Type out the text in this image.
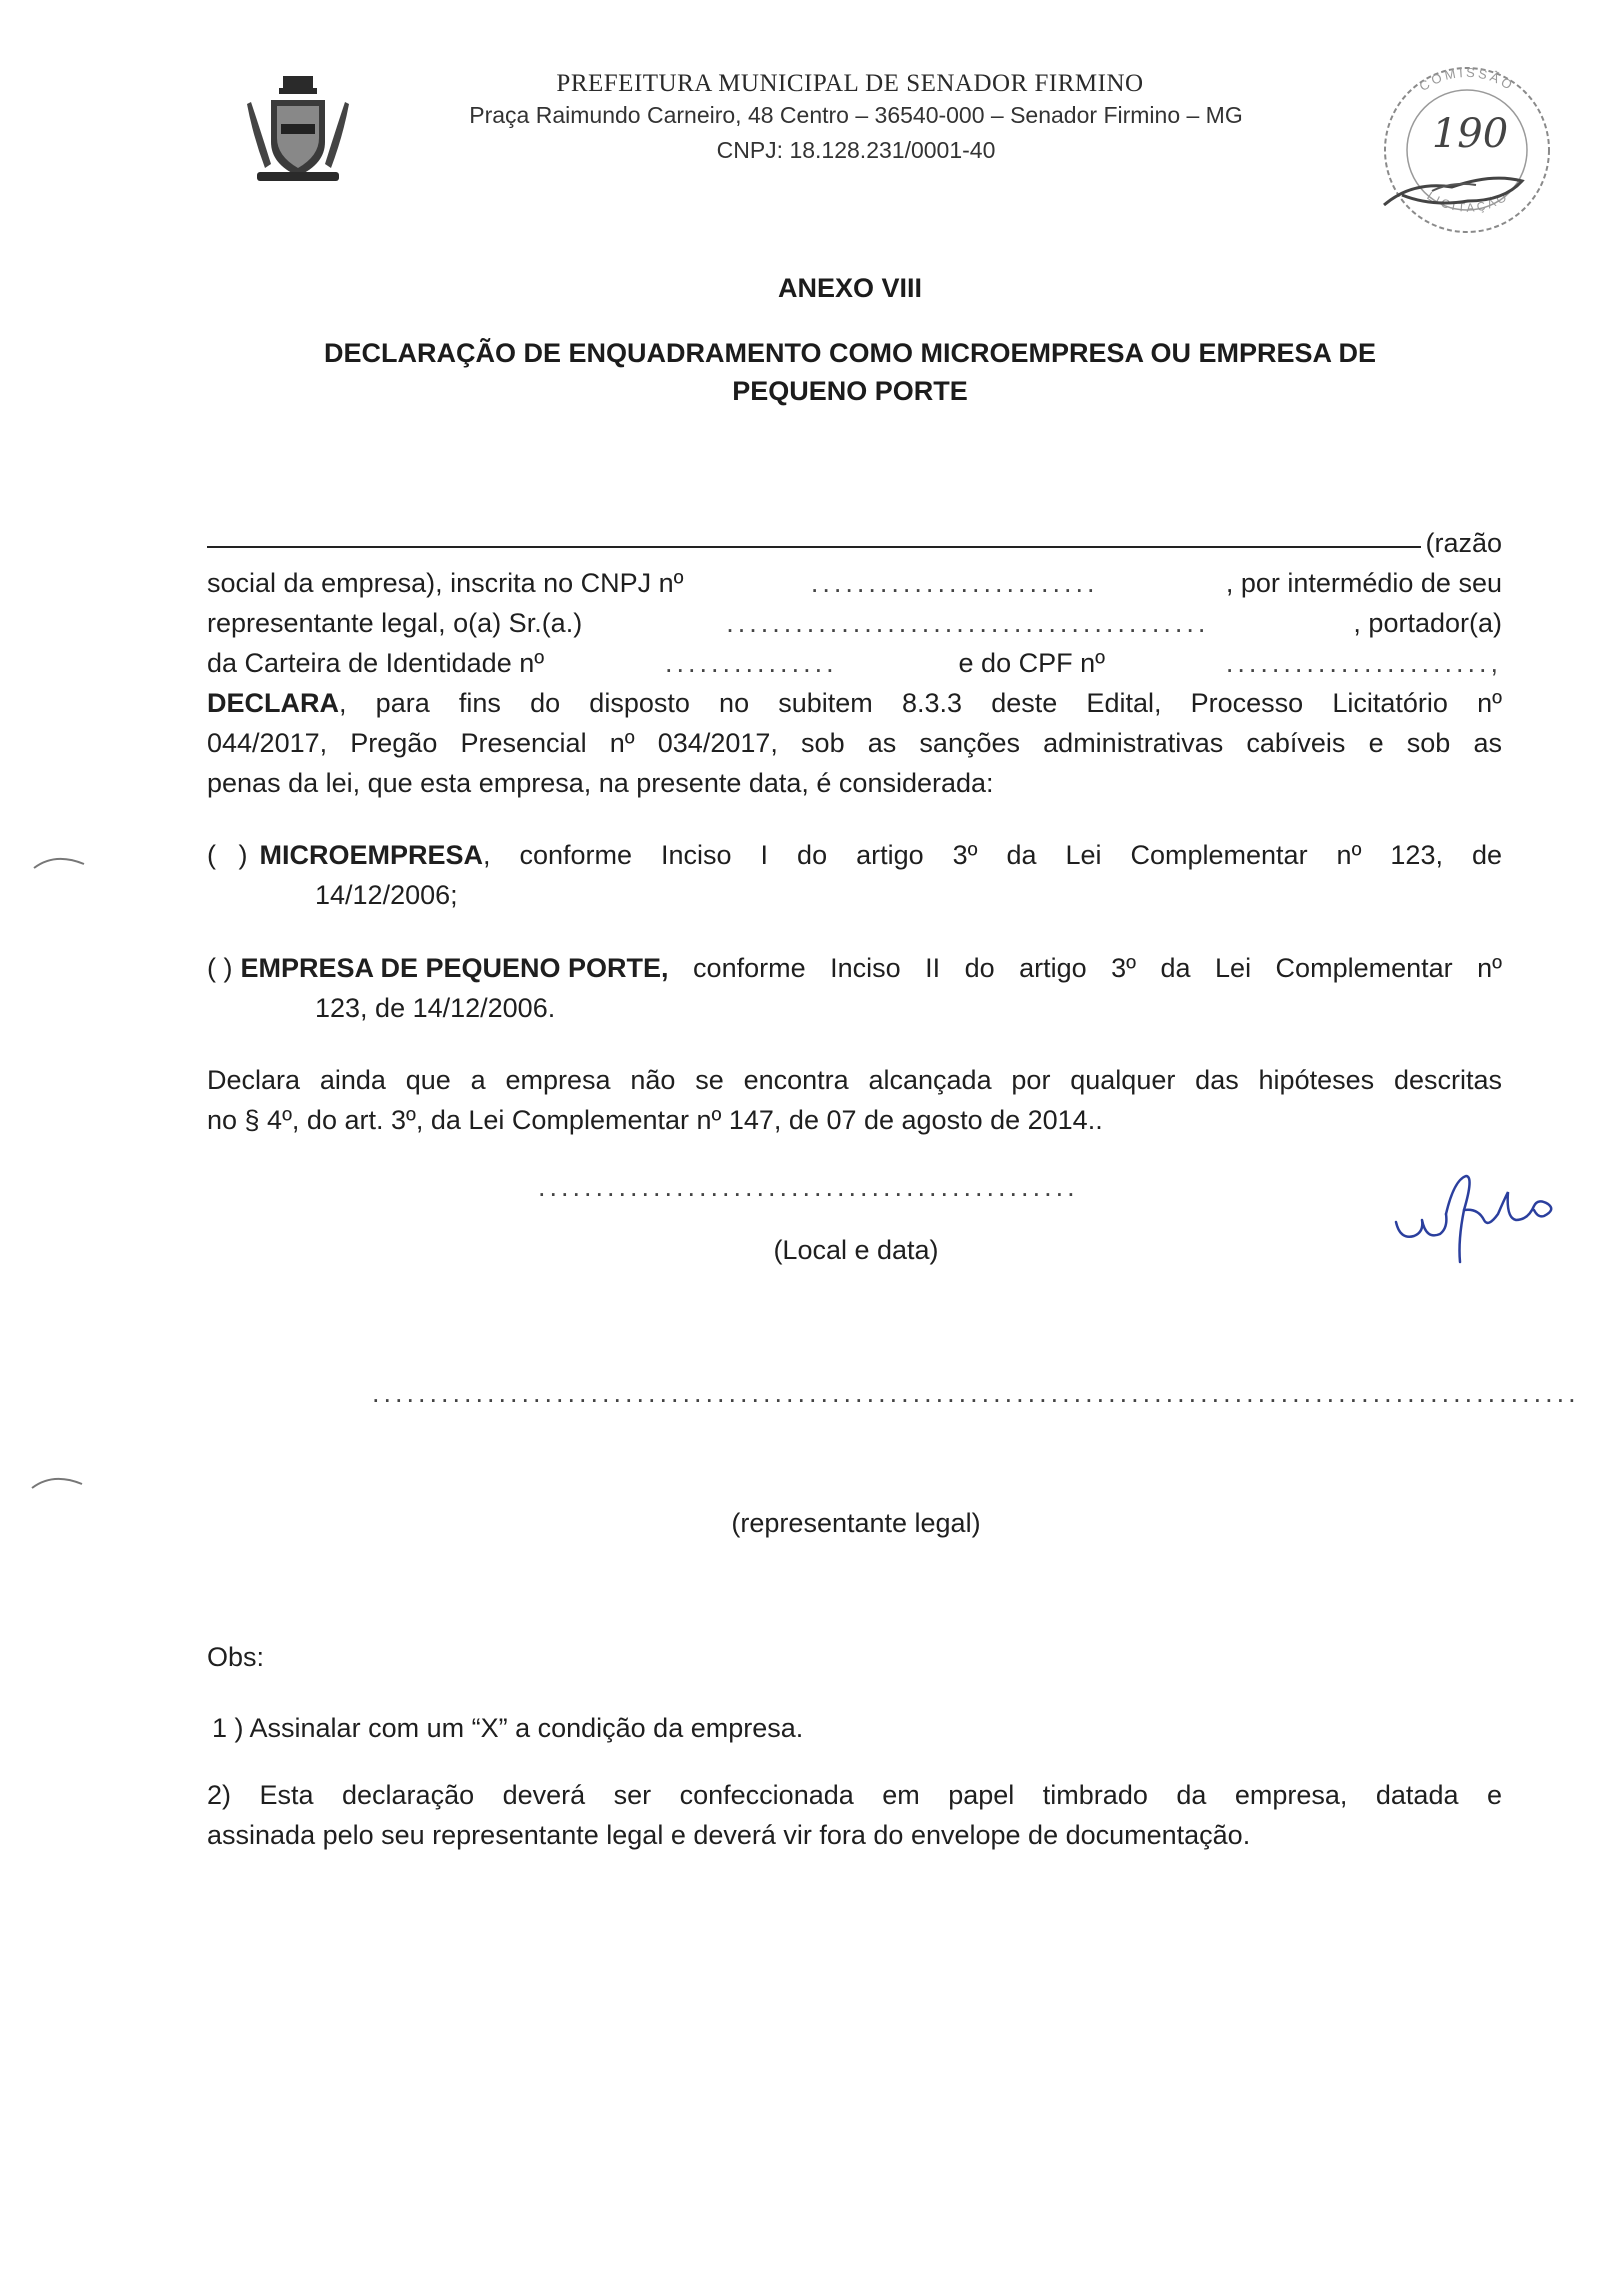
PREFEITURA MUNICIPAL DE SENADOR FIRMINO
Praça Raimundo Carneiro, 48 Centro – 36540-000 – Senador Firmino – MG
CNPJ: 18.128.231/0001-40
COMISSÃO
LICITAÇÃO
190
ANEXO VIII
DECLARAÇÃO DE ENQUADRAMENTO COMO MICROEMPRESA OU EMPRESA DE
PEQUENO PORTE
(razão
social da empresa), inscrita no CNPJ nº	.........................	, por intermédio de seu
representante legal, o(a) Sr.(a.)	..........................................	, portador(a)
da Carteira de Identidade nº	...............	e do CPF nº	.......................,
DECLARA, para fins do disposto no subitem 8.3.3 deste Edital, Processo Licitatório nº
044/2017, Pregão Presencial nº 034/2017, sob as sanções administrativas cabíveis e sob as
penas da lei, que esta empresa, na presente data, é considerada:
(   ) MICROEMPRESA , conforme Inciso I do artigo 3º da Lei Complementar nº 123, de
14/12/2006;
( ) EMPRESA DE PEQUENO PORTE, conforme Inciso II do artigo 3º da Lei Complementar nº
123, de 14/12/2006.
Declara ainda que a empresa não se encontra alcançada por qualquer das hipóteses descritas
no § 4º, do art. 3º, da Lei Complementar nº 147, de 07 de agosto de 2014..
...............................................
(Local e data)
.........................................................................................................
(representante legal)
Obs:
1 ) Assinalar com um “X” a condição da empresa.
2) Esta declaração deverá ser confeccionada em papel timbrado da empresa, datada e
assinada pelo seu representante legal e deverá vir fora do envelope de documentação.
